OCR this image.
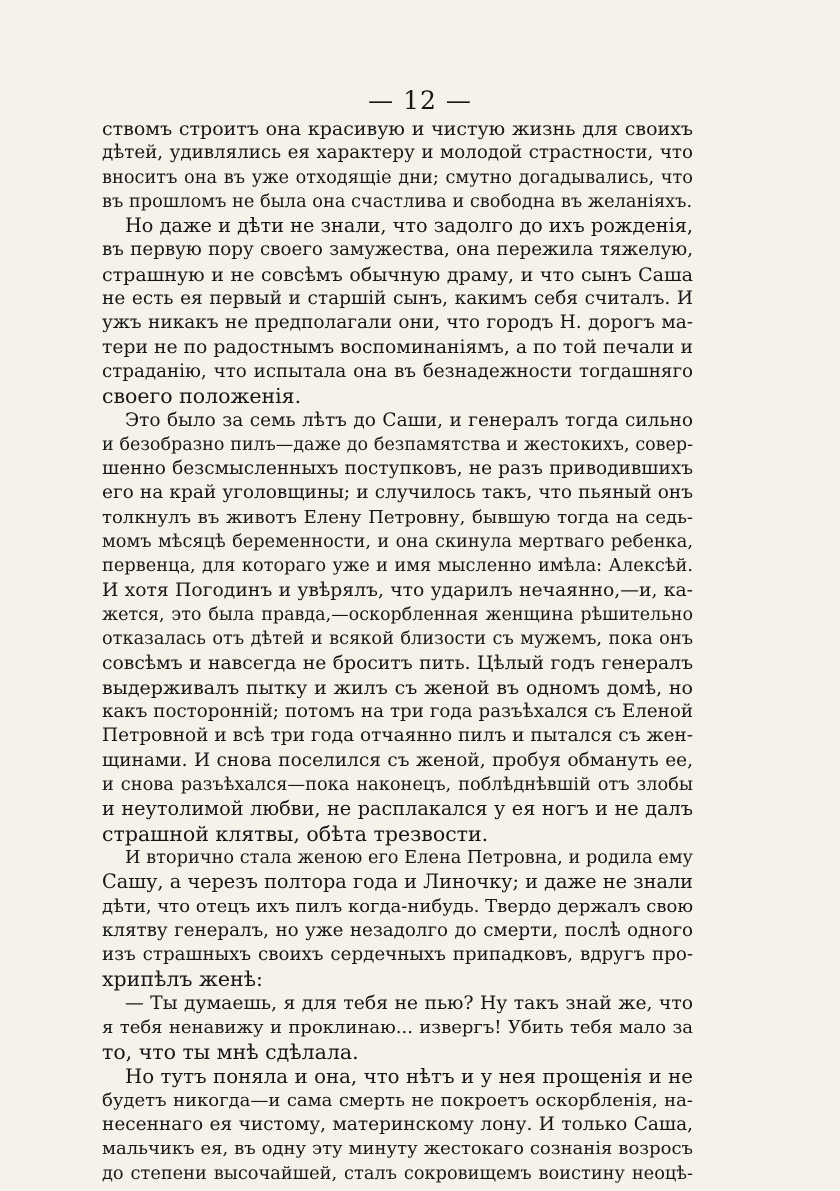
— 12 —
ствомъ строитъ она красивую и чистую жизнь для своихъ
дѣтей, удивлялись ея характеру и молодой страстности, что
вноситъ она въ уже отходящіе дни; смутно догадывались, что
въ прошломъ не была она счастлива и свободна въ желаніяхъ.
Но даже и дѣти не знали, что задолго до ихъ рожденія,
въ первую пору своего замужества, она пережила тяжелую,
страшную и не совсѣмъ обычную драму, и что сынъ Саша
не есть ея первый и старшій сынъ, какимъ себя считалъ. И
ужъ никакъ не предполагали они, что городъ Н. дорогъ ма-
тери не по радостнымъ воспоминаніямъ, а по той печали и
страданію, что испытала она въ безнадежности тогдашняго
своего положенія.
Это было за семь лѣтъ до Саши, и генералъ тогда сильно
и безобразно пилъ—даже до безпамятства и жестокихъ, совер-
шенно безсмысленныхъ поступковъ, не разъ приводившихъ
его на край уголовщины; и случилось такъ, что пьяный онъ
толкнулъ въ животъ Елену Петровну, бывшую тогда на седь-
момъ мѣсяцѣ беременности, и она скинула мертваго ребенка,
первенца, для котораго уже и имя мысленно имѣла: Алексѣй.
И хотя Погодинъ и увѣрялъ, что ударилъ нечаянно,—и, ка-
жется, это была правда,—оскорбленная женщина рѣшительно
отказалась отъ дѣтей и всякой близости съ мужемъ, пока онъ
совсѣмъ и навсегда не броситъ пить. Цѣлый годъ генералъ
выдерживалъ пытку и жилъ съ женой въ одномъ домѣ, но
какъ посторонній; потомъ на три года разъѣхался съ Еленой
Петровной и всѣ три года отчаянно пилъ и пытался съ жен-
щинами. И снова поселился съ женой, пробуя обмануть ее,
и снова разъѣхался—пока наконецъ, поблѣднѣвшій отъ злобы
и неутолимой любви, не расплакался у ея ногъ и не далъ
страшной клятвы, обѣта трезвости.
И вторично стала женою его Елена Петровна, и родила ему
Сашу, а черезъ полтора года и Линочку; и даже не знали
дѣти, что отецъ ихъ пилъ когда-нибудь. Твердо держалъ свою
клятву генералъ, но уже незадолго до смерти, послѣ одного
изъ страшныхъ своихъ сердечныхъ припадковъ, вдругъ про-
хрипѣлъ женѣ:
— Ты думаешь, я для тебя не пью? Ну такъ знай же, что
я тебя ненавижу и проклинаю... извергъ! Убить тебя мало за
то, что ты мнѣ сдѣлала.
Но тутъ поняла и она, что нѣтъ и у нея прощенія и не
будетъ никогда—и сама смерть не покроетъ оскорбленія, на-
несеннаго ея чистому, материнскому лону. И только Саша,
мальчикъ ея, въ одну эту минуту жестокаго сознанія возросъ
до степени высочайшей, сталъ сокровищемъ воистину неоцѣ-
